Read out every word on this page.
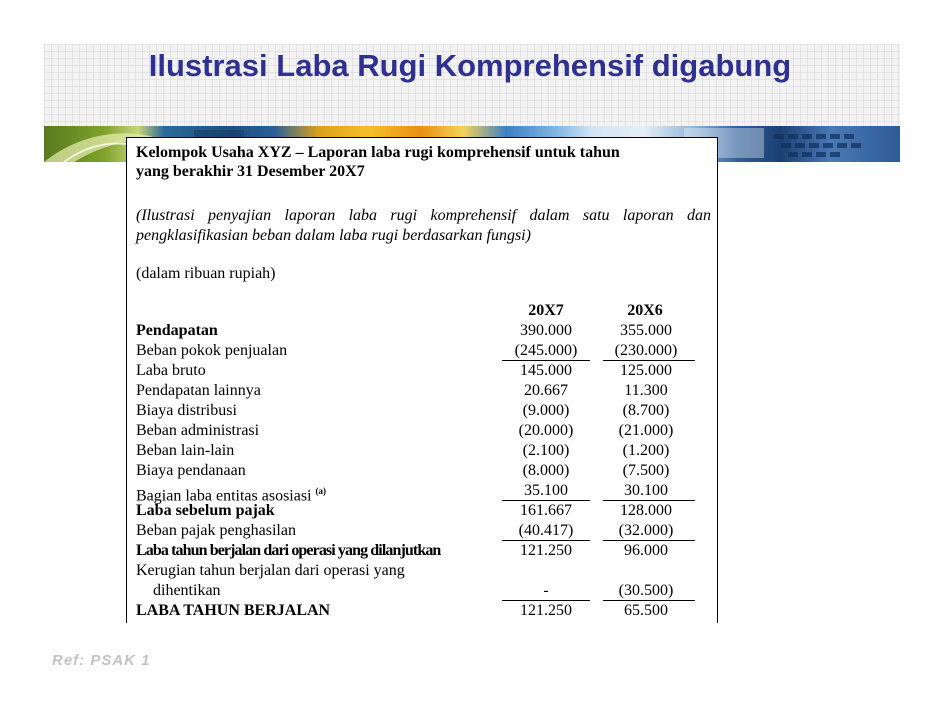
Ilustrasi Laba Rugi Komprehensif digabung
Kelompok Usaha XYZ – Laporan laba rugi komprehensif untuk tahun
yang berakhir 31 Desember 20X7
(Ilustrasi penyajian laporan laba rugi komprehensif dalam satu laporan dan pengklasifikasian beban dalam laba rugi berdasarkan fungsi)
(dalam ribuan rupiah)
20X7	20X6
Pendapatan	390.000	355.000
Beban pokok penjualan	(245.000)	(230.000)
Laba bruto	145.000	125.000
Pendapatan lainnya	20.667	11.300
Biaya distribusi	(9.000)	(8.700)
Beban administrasi	(20.000)	(21.000)
Beban lain-lain	(2.100)	(1.200)
Biaya pendanaan	(8.000)	(7.500)
Bagian laba entitas asosiasi $^{(a)}$	35.100	30.100
Laba sebelum pajak	161.667	128.000
Beban pajak penghasilan	(40.417)	(32.000)
Laba tahun berjalan dari operasi yang dilanjutkan	121.250	96.000
Kerugian tahun berjalan dari operasi yang
dihentikan	-	(30.500)
LABA TAHUN BERJALAN	121.250	65.500
Ref: PSAK 1
